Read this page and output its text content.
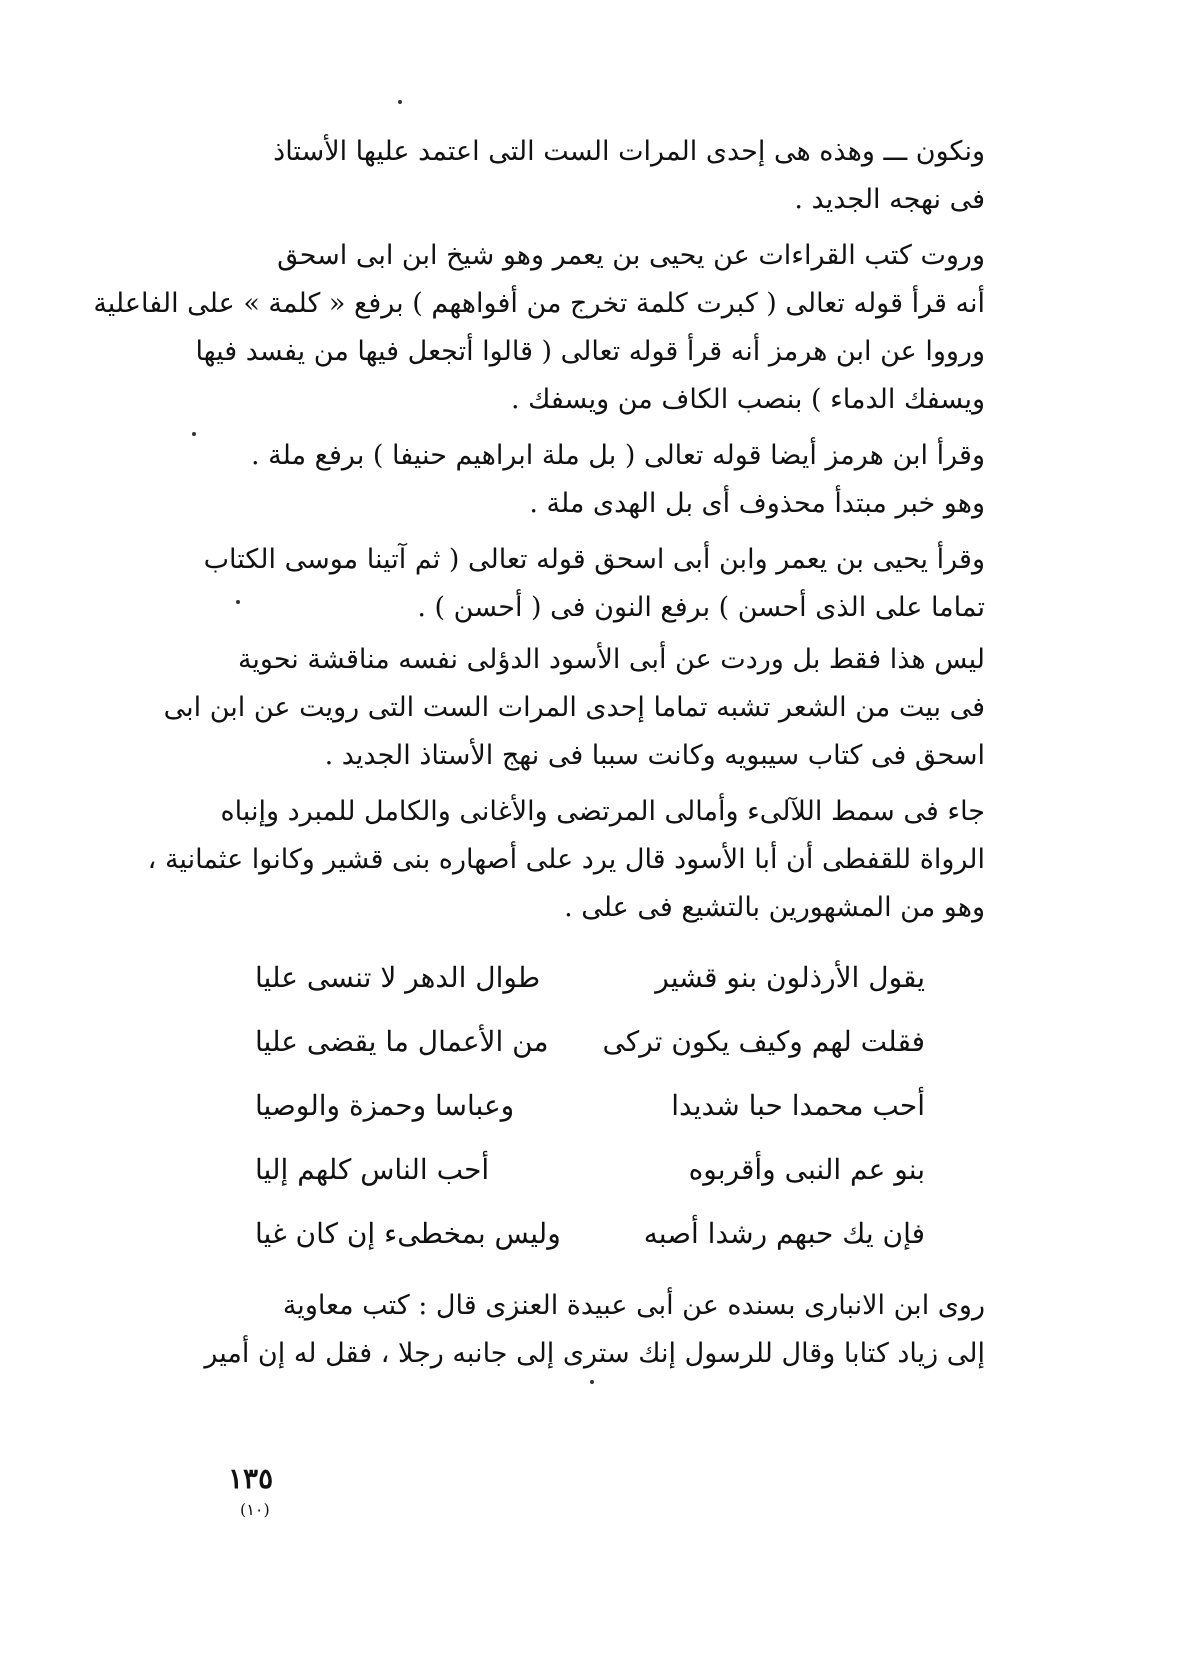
ونكون ـــ وهذه هى إحدى المرات الست التى اعتمد عليها الأستاذ
فى نهجه الجديد .
وروت كتب القراءات عن يحيى بن يعمر وهو شيخ ابن ابى اسحق
أنه قرأ قوله تعالى ( كبرت كلمة تخرج من أفواههم ) برفع « كلمة » على الفاعلية
ورووا عن ابن هرمز أنه قرأ قوله تعالى ( قالوا أتجعل فيها من يفسد فيها
ويسفك الدماء ) بنصب الكاف من ويسفك .
وقرأ ابن هرمز أيضا قوله تعالى ( بل ملة ابراهيم حنيفا ) برفع ملة .
وهو خبر مبتدأ محذوف أى بل الهدى ملة .
وقرأ يحيى بن يعمر وابن أبى اسحق قوله تعالى ( ثم آتينا موسى الكتاب
تماما على الذى أحسن ) برفع النون فى ( أحسن ) .
ليس هذا فقط بل وردت عن أبى الأسود الدؤلى نفسه مناقشة نحوية
فى بيت من الشعر تشبه تماما إحدى المرات الست التى رويت عن ابن ابى
اسحق فى كتاب سيبويه وكانت سببا فى نهج الأستاذ الجديد .
جاء فى سمط اللآلىء وأمالى المرتضى والأغانى والكامل للمبرد وإنباه
الرواة للقفطى أن أبا الأسود قال يرد على أصهاره بنى قشير وكانوا عثمانية ،
وهو من المشهورين بالتشيع فى على .
يقول الأرذلون بنو قشير
طوال الدهر لا تنسى عليا
فقلت لهم وكيف يكون تركى
من الأعمال ما يقضى عليا
أحب محمدا حبا شديدا
وعباسا وحمزة والوصيا
بنو عم النبى وأقربوه
أحب الناس كلهم إليا
فإن يك حبهم رشدا أصبه
وليس بمخطىء إن كان غيا
روى ابن الانبارى بسنده عن أبى عبيدة العنزى قال : كتب معاوية
إلى زياد كتابا وقال للرسول إنك سترى إلى جانبه رجلا ، فقل له إن أمير
١٣٥
(١٠)
